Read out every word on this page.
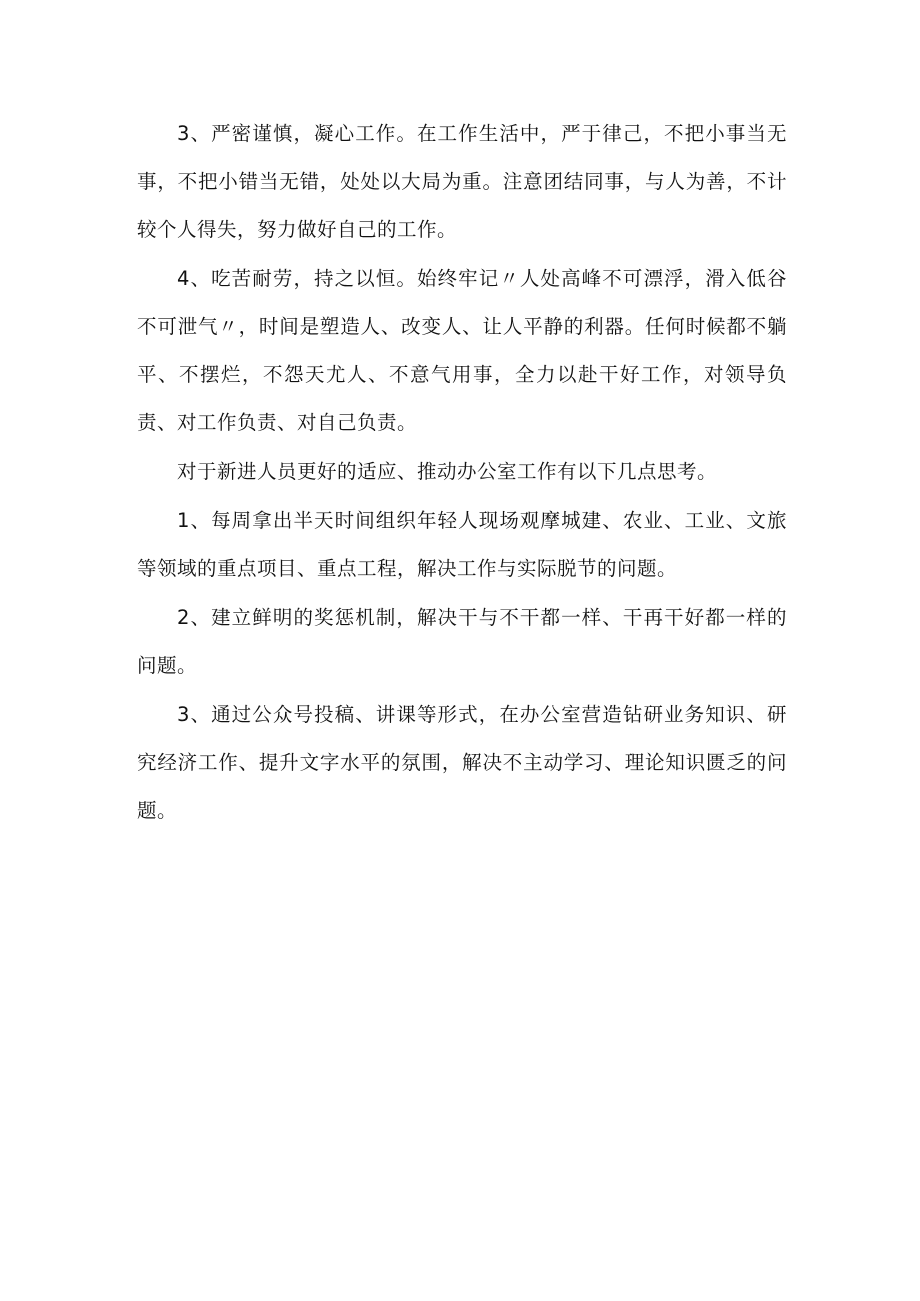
3、严密谨慎，凝心工作。在工作生活中，严于律己，不把小事当无事，不把小错当无错，处处以大局为重。注意团结同事，与人为善，不计较个人得失，努力做好自己的工作。

4、吃苦耐劳，持之以恒。始终牢记〃人处高峰不可漂浮，滑入低谷不可泄气〃，时间是塑造人、改变人、让人平静的利器。任何时候都不躺平、不摆烂，不怨天尤人、不意气用事，全力以赴干好工作，对领导负责、对工作负责、对自己负责。

对于新进人员更好的适应、推动办公室工作有以下几点思考。

1、每周拿出半天时间组织年轻人现场观摩城建、农业、工业、文旅等领域的重点项目、重点工程，解决工作与实际脱节的问题。

2、建立鲜明的奖惩机制，解决干与不干都一样、干再干好都一样的问题。

3、通过公众号投稿、讲课等形式，在办公室营造钻研业务知识、研究经济工作、提升文字水平的氛围，解决不主动学习、理论知识匮乏的问题。
